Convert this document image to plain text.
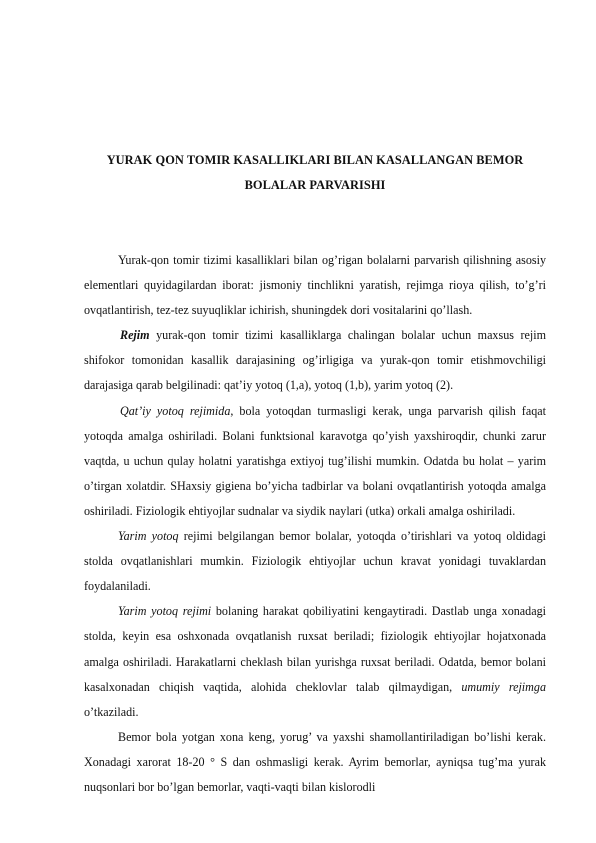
YURAK QON TOMIR KASALLIKLARI BILAN KASALLANGAN BEMOR BOLALAR PARVARISHI

Yurak-qon tomir tizimi kasalliklari bilan og’rigan bolalarni parvarish qilishning asosiy elementlari quyidagilardan iborat: jismoniy tinchlikni yaratish, rejimga rioya qilish, to’g’ri ovqatlantirish, tez-tez suyuqliklar ichirish, shuningdek dori vositalarini qo’llash.

Rejim yurak-qon tomir tizimi kasalliklarga chalingan bolalar uchun maxsus rejim shifokor tomonidan kasallik darajasining og’irligiga va yurak-qon tomir etishmovchiligi darajasiga qarab belgilinadi: qat’iy yotoq (1,a), yotoq (1,b), yarim yotoq (2).

Qat’iy yotoq rejimida, bola yotoqdan turmasligi kerak, unga parvarish qilish faqat yotoqda amalga oshiriladi. Bolani funktsional karavotga qo’yish yaxshiroqdir, chunki zarur vaqtda, u uchun qulay holatni yaratishga extiyoj tug’ilishi mumkin. Odatda bu holat – yarim o’tirgan xolatdir. SHaxsiy gigiena bo’yicha tadbirlar va bolani ovqatlantirish yotoqda amalga oshiriladi. Fiziologik ehtiyojlar sudnalar va siydik naylari (utka) orkali amalga oshiriladi.

Yarim yotoq rejimi belgilangan bemor bolalar, yotoqda o’tirishlari va yotoq oldidagi stolda ovqatlanishlari mumkin. Fiziologik ehtiyojlar uchun kravat yonidagi tuvaklardan foydalaniladi.

Yarim yotoq rejimi bolaning harakat qobiliyatini kengaytiradi. Dastlab unga xonadagi stolda, keyin esa oshxonada ovqatlanish ruxsat beriladi; fiziologik ehtiyojlar hojatxonada amalga oshiriladi. Harakatlarni cheklash bilan yurishga ruxsat beriladi. Odatda, bemor bolani kasalxonadan chiqish vaqtida, alohida cheklovlar talab qilmaydigan, umumiy rejimga o’tkaziladi.

Bemor bola yotgan xona keng, yorug’ va yaxshi shamollantiriladigan bo’lishi kerak. Xonadagi xarorat 18-20 ° S dan oshmasligi kerak. Ayrim bemorlar, ayniqsa tug’ma yurak nuqsonlari bor bo’lgan bemorlar, vaqti-vaqti bilan kislorodli
